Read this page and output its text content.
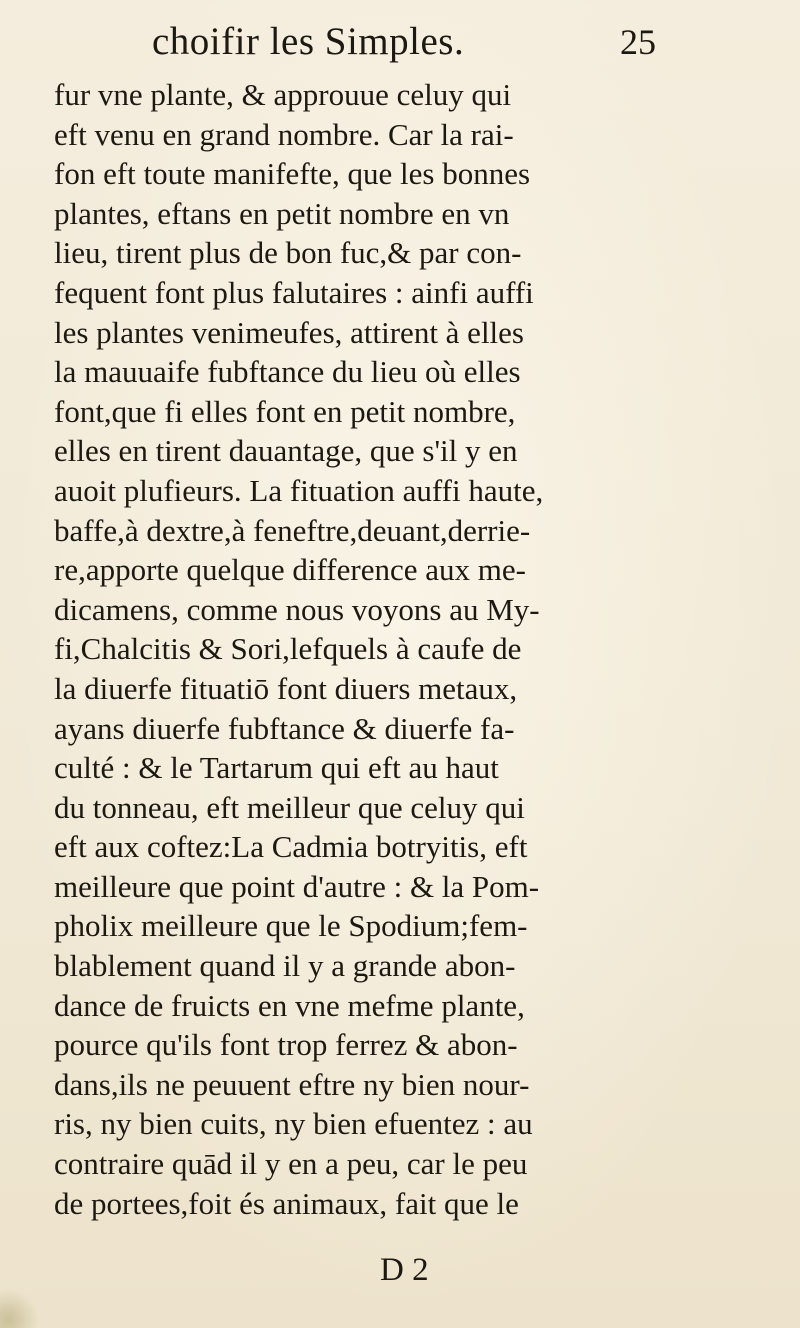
choifir les Simples.	25
fur vne plante, & approuue celuy qui
eft venu en grand nombre. Car la rai-
fon eft toute manifefte, que les bonnes
plantes, eftans en petit nombre en vn
lieu, tirent plus de bon fuc,& par con-
fequent font plus falutaires : ainfi auffi
les plantes venimeufes, attirent à elles
la mauuaife fubftance du lieu où elles
font,que fi elles font en petit nombre,
elles en tirent dauantage, que s'il y en
auoit plufieurs. La fituation auffi haute,
baffe,à dextre,à feneftre,deuant,derrie-
re,apporte quelque difference aux me-
dicamens, comme nous voyons au My-
fi,Chalcitis & Sori,lefquels à caufe de
la diuerfe fituatiō font diuers metaux,
ayans diuerfe fubftance & diuerfe fa-
culté : & le Tartarum qui eft au haut
du tonneau, eft meilleur que celuy qui
eft aux coftez:La Cadmia botryitis, eft
meilleure que point d'autre : & la Pom-
pholix meilleure que le Spodium;fem-
blablement quand il y a grande abon-
dance de fruicts en vne mefme plante,
pource qu'ils font trop ferrez & abon-
dans,ils ne peuuent eftre ny bien nour-
ris, ny bien cuits, ny bien efuentez : au
contraire quād il y en a peu, car le peu
de portees,foit és animaux, fait que le
D 2
